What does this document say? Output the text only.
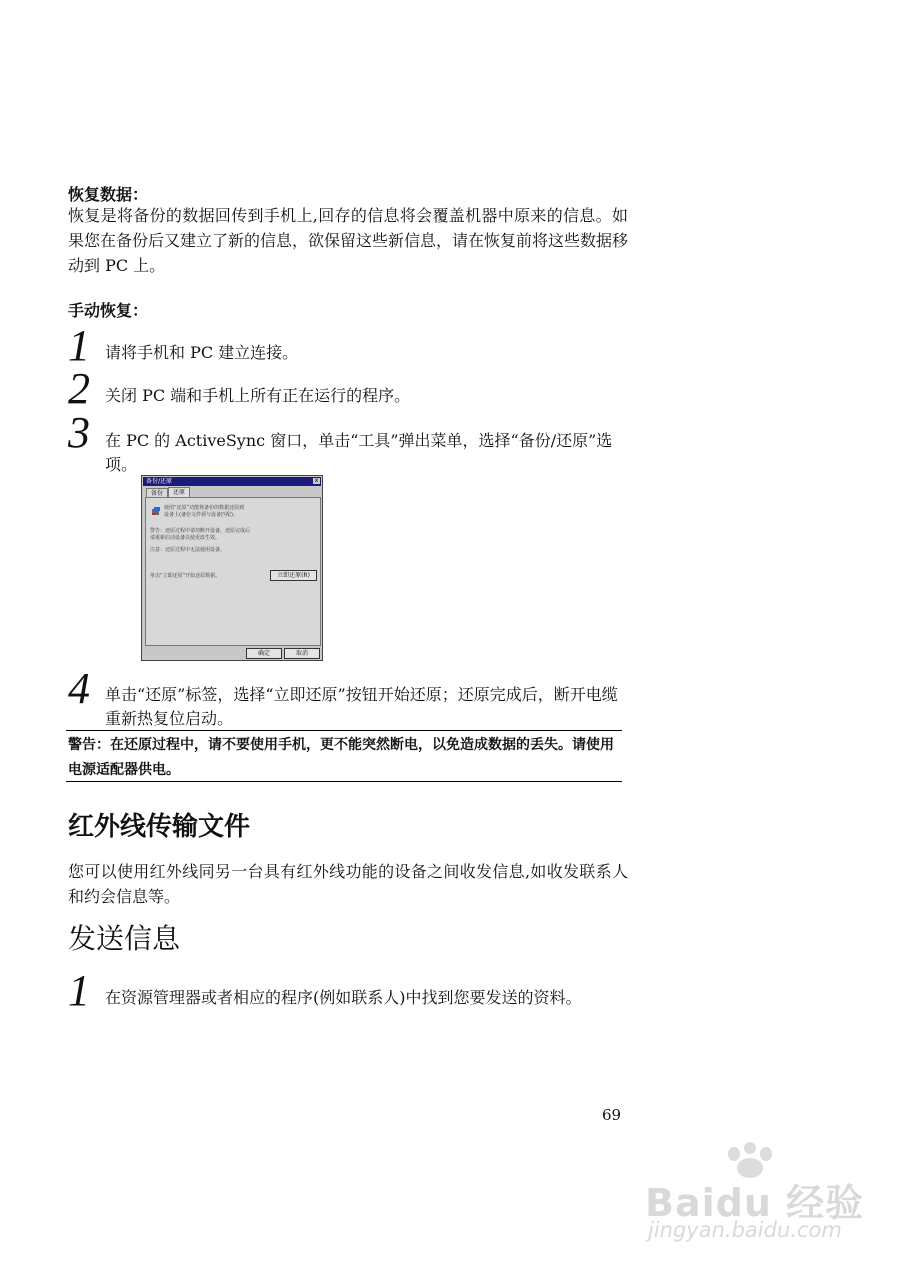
恢复数据：
恢复是将备份的数据回传到手机上,回存的信息将会覆盖机器中原来的信息。如果您在备份后又建立了新的信息，欲保留这些新信息，请在恢复前将这些数据移动到 PC 上。
手动恢复：
1 请将手机和 PC 建立连接。
2 关闭 PC 端和手机上所有正在运行的程序。
3 在 PC 的 ActiveSync 窗口，单击“工具”弹出菜单，选择“备份/还原”选项。
备份/还原	x
备份	还原
使用“还原”功能将备份的数据还原到
设备上(备份文件须与设备匹配)。
警告：还原过程中请勿断开设备，还原完成后
请重新启动设备以使更改生效。
注意：还原过程中无法使用设备。
单击“立即还原”开始还原数据。	立即还原(R)
确定	取消
4 单击“还原”标签，选择“立即还原”按钮开始还原；还原完成后，断开电缆重新热复位启动。
警告：在还原过程中，请不要使用手机，更不能突然断电，以免造成数据的丢失。请使用电源适配器供电。
红外线传输文件
您可以使用红外线同另一台具有红外线功能的设备之间收发信息,如收发联系人和约会信息等。
发送信息
1 在资源管理器或者相应的程序(例如联系人)中找到您要发送的资料。
69
Baidu 经验
jingyan.baidu.com
